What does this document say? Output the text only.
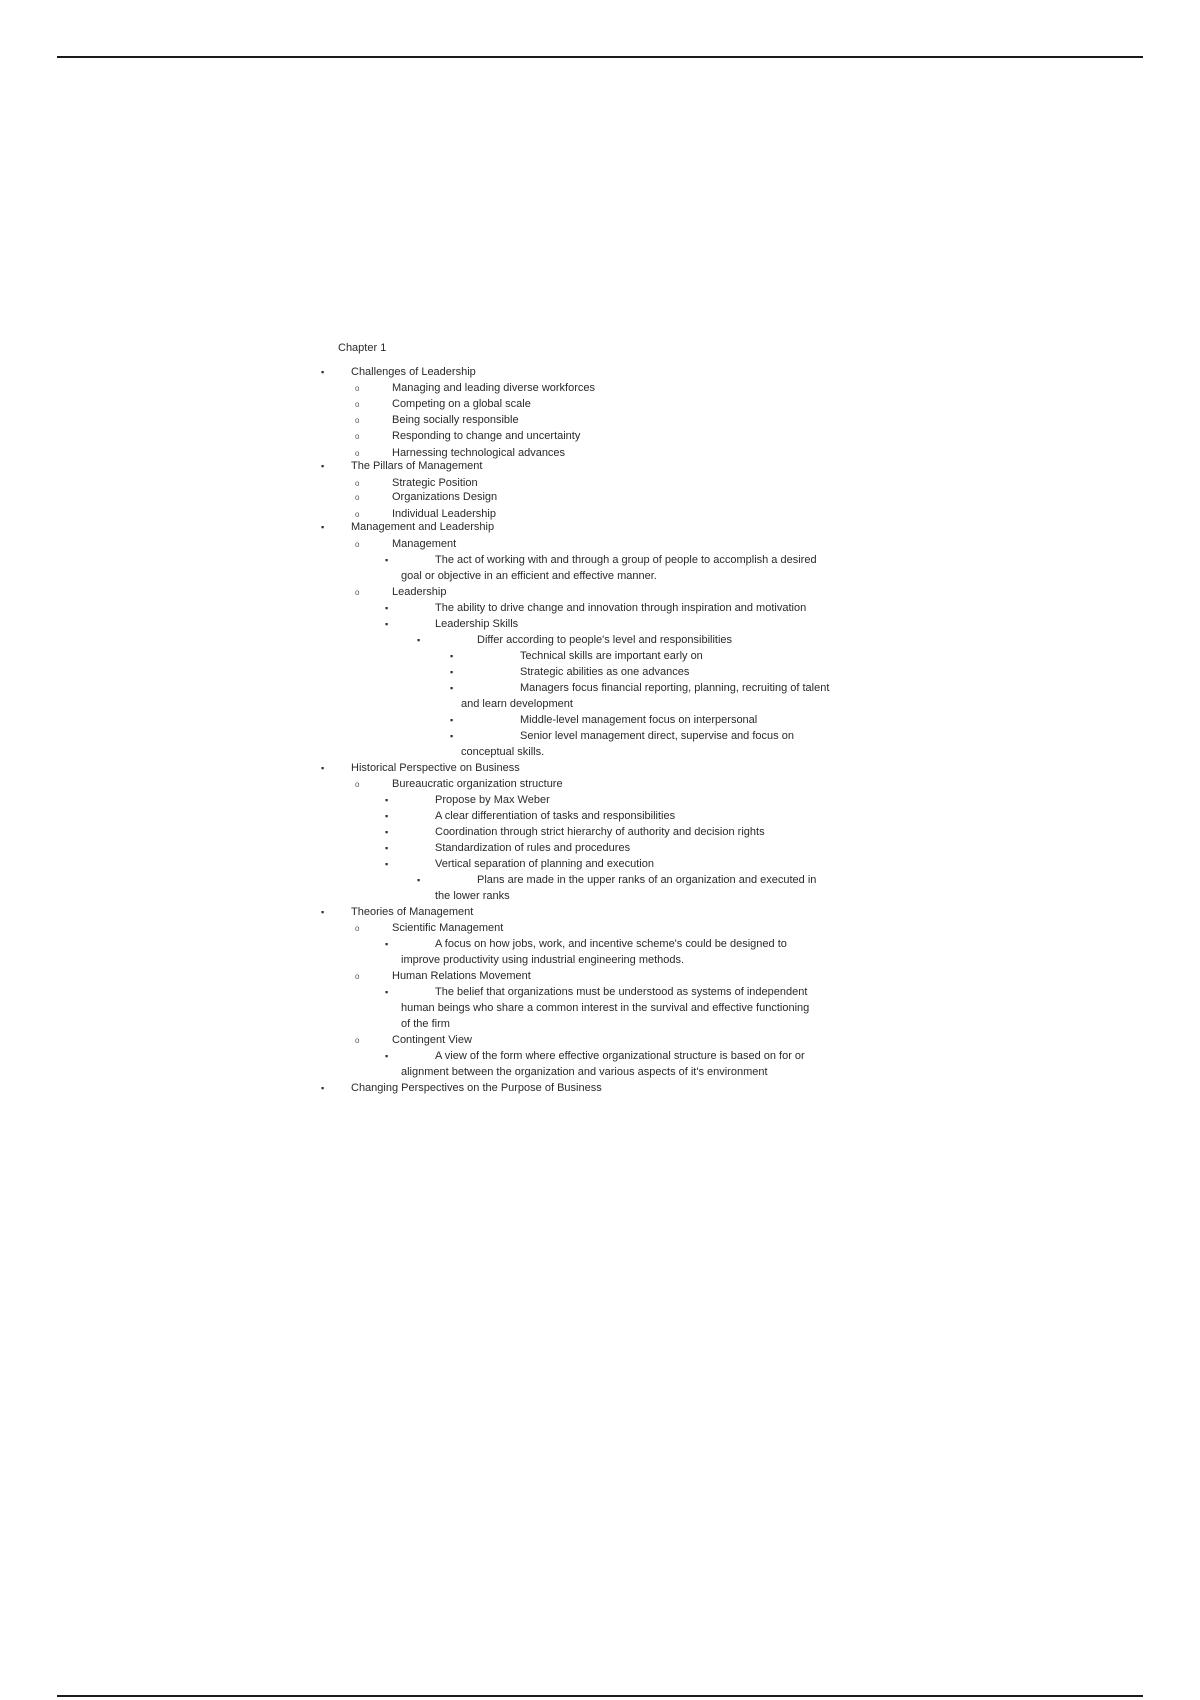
Chapter 1
▪
Challenges of Leadership
o
Managing and leading diverse workforces
o
Competing on a global scale
o
Being socially responsible
o
Responding to change and uncertainty
o
Harnessing technological advances
▪
The Pillars of Management
o
Strategic Position
o
Organizations Design
o
Individual Leadership
▪
Management and Leadership
o
Management
▪
The act of working with and through a group of people to accomplish a desired
goal or objective in an efficient and effective manner.
o
Leadership
▪
The ability to drive change and innovation through inspiration and motivation
▪
Leadership Skills
▪
Differ according to people's level and responsibilities
▪
Technical skills are important early on
▪
Strategic abilities as one advances
▪
Managers focus financial reporting, planning, recruiting of talent
and learn development
▪
Middle-level management focus on interpersonal
▪
Senior level management direct, supervise and focus on
conceptual skills.
▪
Historical Perspective on Business
o
Bureaucratic organization structure
▪
Propose by Max Weber
▪
A clear differentiation of tasks and responsibilities
▪
Coordination through strict hierarchy of authority and decision rights
▪
Standardization of rules and procedures
▪
Vertical separation of planning and execution
▪
Plans are made in the upper ranks of an organization and executed in
the lower ranks
▪
Theories of Management
o
Scientific Management
▪
A focus on how jobs, work, and incentive scheme's could be designed to
improve productivity using industrial engineering methods.
o
Human Relations Movement
▪
The belief that organizations must be understood as systems of independent
human beings who share a common interest in the survival and effective functioning
of the firm
o
Contingent View
▪
A view of the form where effective organizational structure is based on for or
alignment between the organization and various aspects of it's environment
▪
Changing Perspectives on the Purpose of Business
